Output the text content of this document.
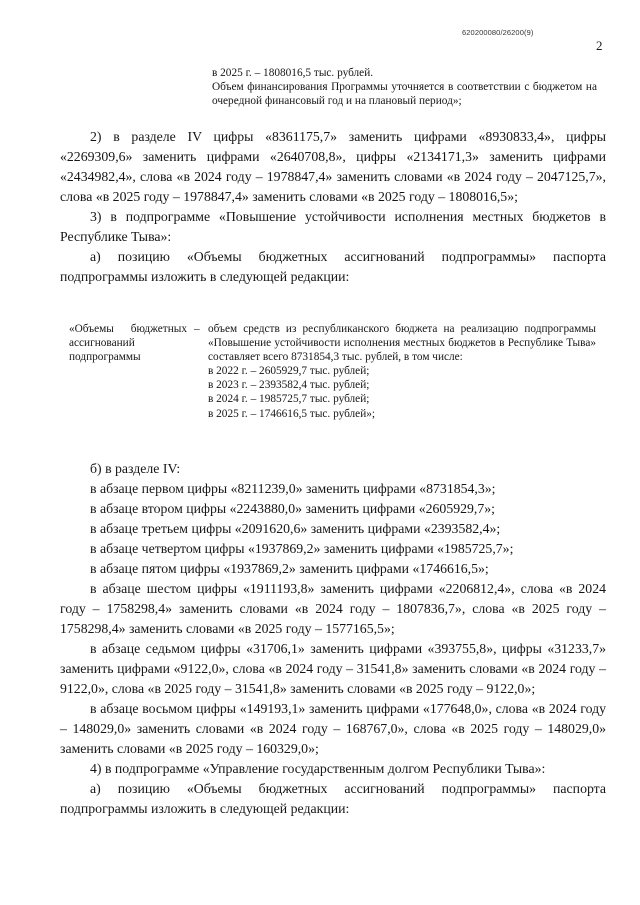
620200080/26200(9)
2

в 2025 г. – 1808016,5 тыс. рублей.

Объем финансирования Программы уточняется в соответствии с бюджетом на очередной финансовый год и на плановый период»;

2) в разделе IV цифры «8361175,7» заменить цифрами «8930833,4», цифры «2269309,6» заменить цифрами «2640708,8», цифры «2134171,3» заменить цифрами «2434982,4», слова «в 2024 году – 1978847,4» заменить словами «в 2024 году – 2047125,7», слова «в 2025 году – 1978847,4» заменить словами «в 2025 году – 1808016,5»;

3) в подпрограмме «Повышение устойчивости исполнения местных бюджетов в Республике Тыва»:

а) позицию «Объемы бюджетных ассигнований подпрограммы» паспорта подпрограммы изложить в следующей редакции:

«Объемы бюджетных ассигнований подпрограммы
– объем средств из республиканского бюджета на реализацию подпрограммы «Повышение устойчивости исполнения местных бюджетов в Республике Тыва» составляет всего 8731854,3 тыс. рублей, в том числе:

в 2022 г. – 2605929,7 тыс. рублей;

в 2023 г. – 2393582,4 тыс. рублей;

в 2024 г. – 1985725,7 тыс. рублей;

в 2025 г. – 1746616,5 тыс. рублей»;

б) в разделе IV:

в абзаце первом цифры «8211239,0» заменить цифрами «8731854,3»;

в абзаце втором цифры «2243880,0» заменить цифрами «2605929,7»;

в абзаце третьем цифры «2091620,6» заменить цифрами «2393582,4»;

в абзаце четвертом цифры «1937869,2» заменить цифрами «1985725,7»;

в абзаце пятом цифры «1937869,2» заменить цифрами «1746616,5»;

в абзаце шестом цифры «1911193,8» заменить цифрами «2206812,4», слова «в 2024 году – 1758298,4» заменить словами «в 2024 году – 1807836,7», слова «в 2025 году – 1758298,4» заменить словами «в 2025 году – 1577165,5»;

в абзаце седьмом цифры «31706,1» заменить цифрами «393755,8», цифры «31233,7» заменить цифрами «9122,0», слова «в 2024 году – 31541,8» заменить словами «в 2024 году – 9122,0», слова «в 2025 году – 31541,8» заменить словами «в 2025 году – 9122,0»;

в абзаце восьмом цифры «149193,1» заменить цифрами «177648,0», слова «в 2024 году – 148029,0» заменить словами «в 2024 году – 168767,0», слова «в 2025 году – 148029,0» заменить словами «в 2025 году – 160329,0»;

4) в подпрограмме «Управление государственным долгом Республики Тыва»:

а) позицию «Объемы бюджетных ассигнований подпрограммы» паспорта подпрограммы изложить в следующей редакции:
